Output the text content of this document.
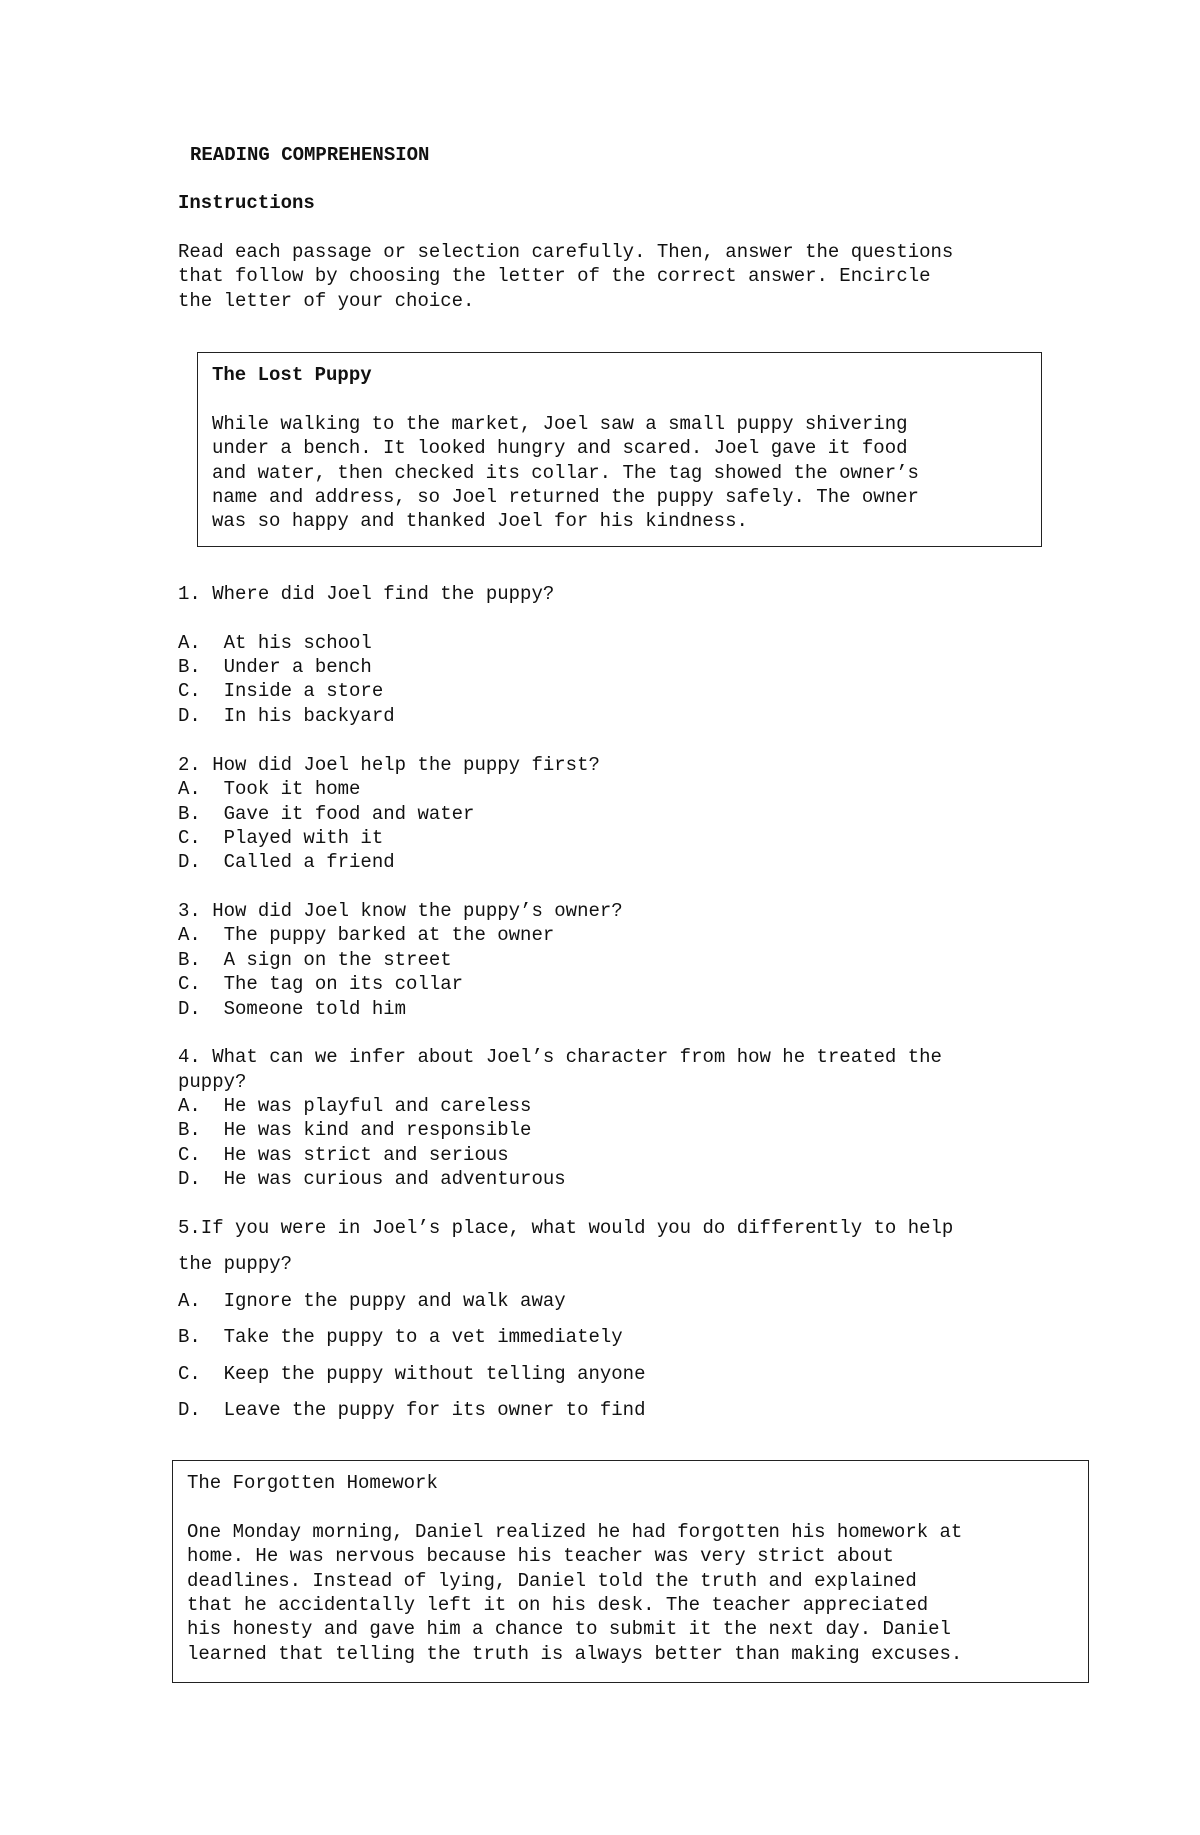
READING COMPREHENSION
Instructions
Read each passage or selection carefully. Then, answer the questions
that follow by choosing the letter of the correct answer. Encircle
the letter of your choice.
The Lost Puppy
While walking to the market, Joel saw a small puppy shivering
under a bench. It looked hungry and scared. Joel gave it food
and water, then checked its collar. The tag showed the owner’s
name and address, so Joel returned the puppy safely. The owner
was so happy and thanked Joel for his kindness.
1. Where did Joel find the puppy?
A.  At his school
B.  Under a bench
C.  Inside a store
D.  In his backyard
2. How did Joel help the puppy first?
A.  Took it home
B.  Gave it food and water
C.  Played with it
D.  Called a friend
3. How did Joel know the puppy’s owner?
A.  The puppy barked at the owner
B.  A sign on the street
C.  The tag on its collar
D.  Someone told him
4. What can we infer about Joel’s character from how he treated the
puppy?
A.  He was playful and careless
B.  He was kind and responsible
C.  He was strict and serious
D.  He was curious and adventurous
5.If you were in Joel’s place, what would you do differently to help
the puppy?
A.  Ignore the puppy and walk away
B.  Take the puppy to a vet immediately
C.  Keep the puppy without telling anyone
D.  Leave the puppy for its owner to find
The Forgotten Homework
One Monday morning, Daniel realized he had forgotten his homework at
home. He was nervous because his teacher was very strict about
deadlines. Instead of lying, Daniel told the truth and explained
that he accidentally left it on his desk. The teacher appreciated
his honesty and gave him a chance to submit it the next day. Daniel
learned that telling the truth is always better than making excuses.
